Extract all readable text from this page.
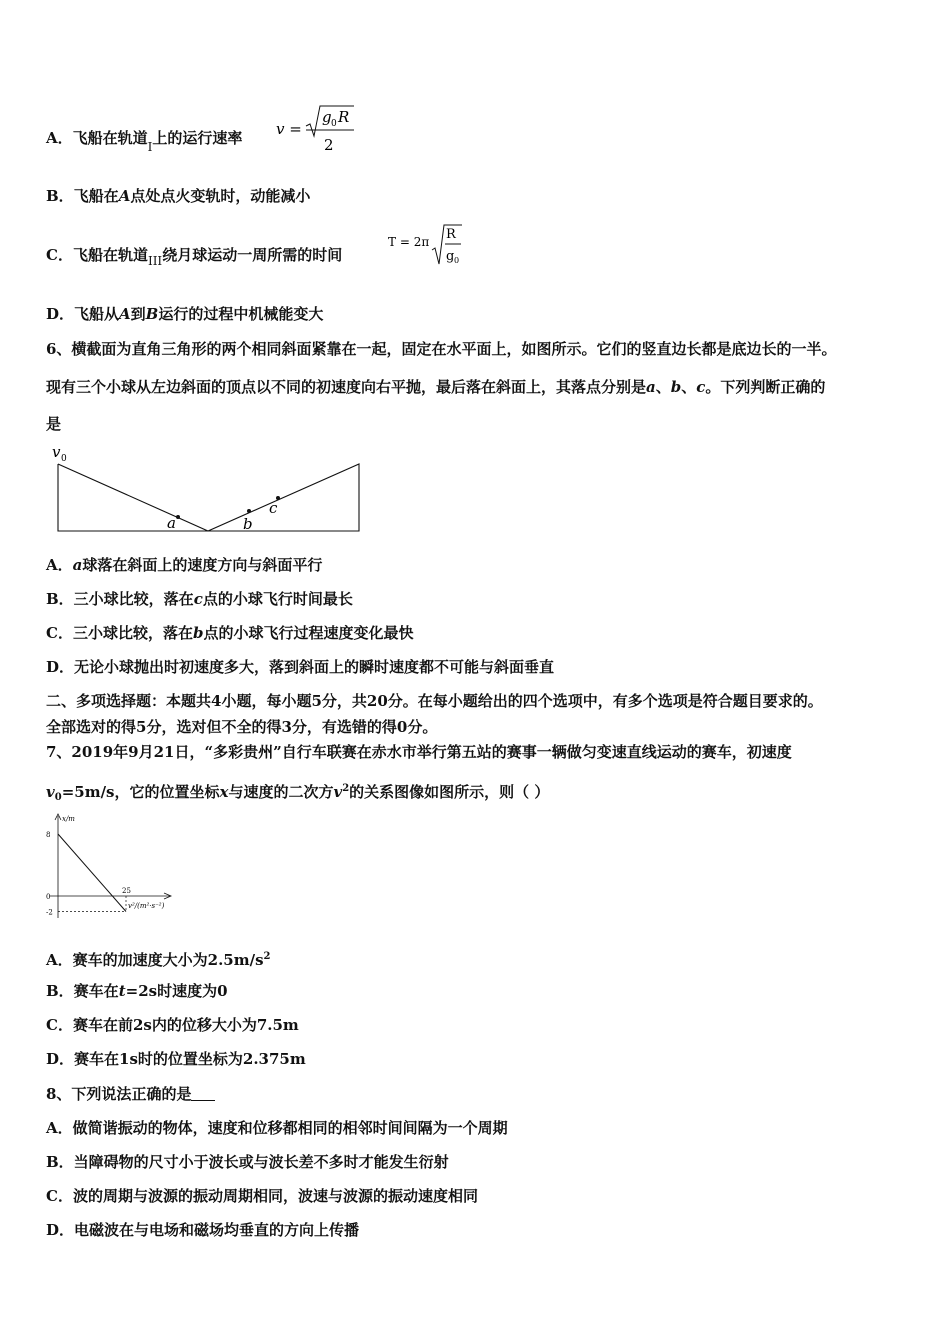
A．飞船在轨道$_I$上的运行速率 v =
g 0 R
2
B．飞船在A点处点火变轨时，动能减小
C．飞船在轨道$_{III}$绕月球运动一周所需的时间
T = 2π R
g 0
D．飞船从A到B运行的过程中机械能变大
6、横截面为直角三角形的两个相同斜面紧靠在一起，固定在水平面上，如图所示。它们的竖直边长都是底边长的一半。
现有三个小球从左边斜面的顶点以不同的初速度向右平抛，最后落在斜面上，其落点分别是a、b、c。下列判断正确的
是
v 0
a	b
c
A．a球落在斜面上的速度方向与斜面平行
B．三小球比较，落在c点的小球飞行时间最长
C．三小球比较，落在b点的小球飞行过程速度变化最快
D．无论小球抛出时初速度多大，落到斜面上的瞬时速度都不可能与斜面垂直
二、多项选择题：本题共4小题，每小题5分，共20分。在每小题给出的四个选项中，有多个选项是符合题目要求的。
全部选对的得5分，选对但不全的得3分，有选错的得0分。
7、2019年9月21日，“多彩贵州”自行车联赛在赤水市举行第五站的赛事一辆做匀变速直线运动的赛车，初速度
$v_0=5m/s$，它的位置坐标x与速度的二次方$v^2$的关系图像如图所示，则（ ）
x/m
v²/(m²·s⁻²)
8
0
-2
25
A．赛车的加速度大小为$2.5m/s^2$
B．赛车在t=2s时速度为0
C．赛车在前2s内的位移大小为7.5m
D．赛车在1s时的位置坐标为2.375m
8、下列说法正确的是
A．做简谐振动的物体，速度和位移都相同的相邻时间间隔为一个周期
B．当障碍物的尺寸小于波长或与波长差不多时才能发生衍射
C．波的周期与波源的振动周期相同，波速与波源的振动速度相同
D．电磁波在与电场和磁场均垂直的方向上传播
